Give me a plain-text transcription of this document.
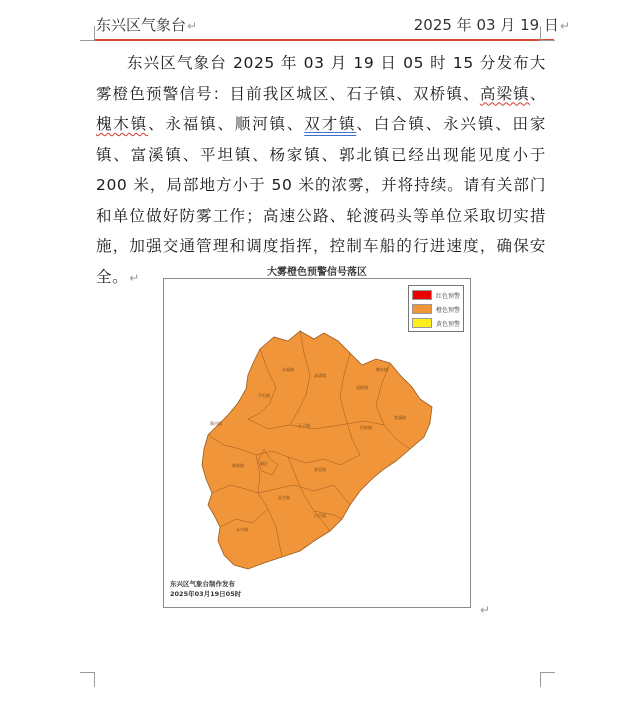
东兴区气象台↵	2025 年 03 月 19 日↵
东兴区气象台 2025 年 03 月 19 日 05 时 15 分发布大雾橙色预警信号：目前我区城区、石子镇、双桥镇、高梁镇、槐木镇、永福镇、顺河镇、双才镇、白合镇、永兴镇、田家镇、富溪镇、平坦镇、杨家镇、郭北镇已经出现能见度小于 200 米，局部地方小于 50 米的浓雾，并将持续。请有关部门和单位做好防雾工作；高速公路、轮渡码头等单位采取切实措施，加强交通管理和调度指挥，控制车船的行进速度，确保安全。↵	大雾橙色预警信号落区
永福镇
高梁镇
槐木镇
双桥镇
平坦镇
石子镇
顺河镇
富溪镇
田家镇
杨家镇
郭北镇
双才镇
白合镇
永兴镇
城区
红色预警
橙色预警
黄色预警
东兴区气象台制作发布
2025年03月19日05时
↵
